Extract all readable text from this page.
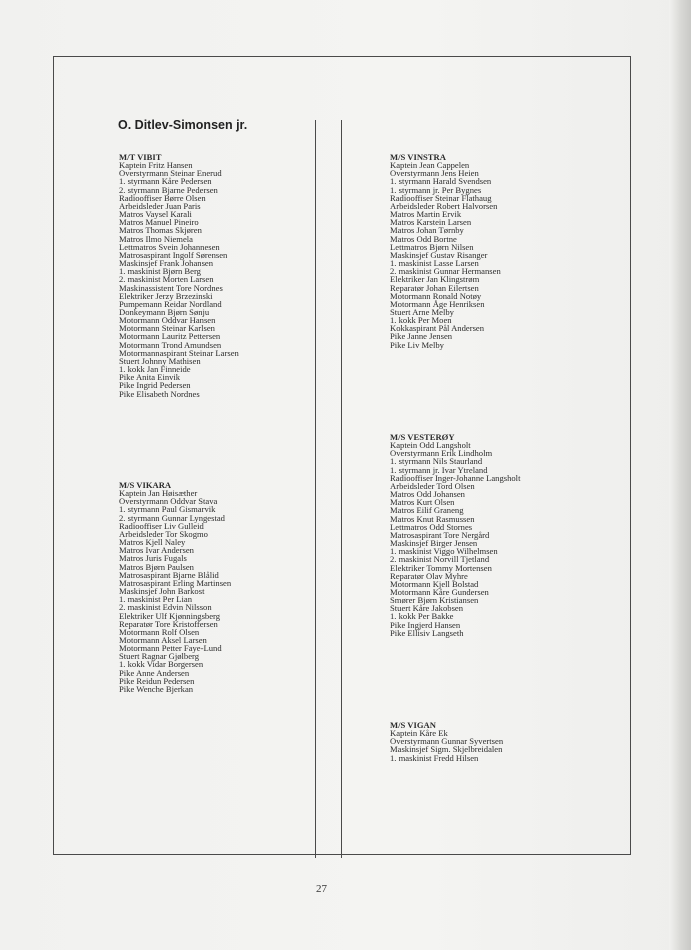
O. Ditlev-Simonsen jr.
M/T VIBIT
Kaptein Fritz Hansen
Overstyrmann Steinar Enerud
1. styrmann Kåre Pedersen
2. styrmann Bjarne Pedersen
Radiooffiser Børre Olsen
Arbeidsleder Juan Paris
Matros Vaysel Karali
Matros Manuel Pineiro
Matros Thomas Skjøren
Matros Ilmo Niemela
Lettmatros Svein Johannesen
Matrosaspirant Ingolf Sørensen
Maskinsjef Frank Johansen
1. maskinist Bjørn Berg
2. maskinist Morten Larsen
Maskinassistent Tore Nordnes
Elektriker Jerzy Brzezinski
Pumpemann Reidar Nordland
Donkeymann Bjørn Sønju
Motormann Oddvar Hansen
Motormann Steinar Karlsen
Motormann Lauritz Pettersen
Motormann Trond Amundsen
Motormannaspirant Steinar Larsen
Stuert Johnny Mathisen
1. kokk Jan Finneide
Pike Anita Einvik
Pike Ingrid Pedersen
Pike Elisabeth Nordnes
M/S VIKARA
Kaptein Jan Høisæther
Overstyrmann Oddvar Stava
1. styrmann Paul Gismarvik
2. styrmann Gunnar Lyngestad
Radiooffiser Liv Gulleid
Arbeidsleder Tor Skogmo
Matros Kjell Naley
Matros Ivar Andersen
Matros Juris Fugals
Matros Bjørn Paulsen
Matrosaspirant Bjarne Blålid
Matrosaspirant Erling Martinsen
Maskinsjef John Barkost
1. maskinist Per Lian
2. maskinist Edvin Nilsson
Elektriker Ulf Kjønningsberg
Reparatør Tore Kristoffersen
Motormann Rolf Olsen
Motormann Aksel Larsen
Motormann Petter Faye-Lund
Stuert Ragnar Gjølberg
1. kokk Vidar Borgersen
Pike Anne Andersen
Pike Reidun Pedersen
Pike Wenche Bjerkan
M/S VINSTRA
Kaptein Jean Cappelen
Overstyrmann Jens Heien
1. styrmann Harald Svendsen
1. styrmann jr. Per Bygnes
Radiooffiser Steinar Flathaug
Arbeidsleder Robert Halvorsen
Matros Martin Ervik
Matros Karstein Larsen
Matros Johan Tørnby
Matros Odd Bortne
Lettmatros Bjørn Nilsen
Maskinsjef Gustav Risanger
1. maskinist Lasse Larsen
2. maskinist Gunnar Hermansen
Elektriker Jan Klingstrøm
Reparatør Johan Eilertsen
Motormann Ronald Notøy
Motormann Åge Henriksen
Stuert Arne Melby
1. kokk Per Moen
Kokkaspirant Pål Andersen
Pike Janne Jensen
Pike Liv Melby
M/S VESTERØY
Kaptein Odd Langsholt
Overstyrmann Erik Lindholm
1. styrmann Nils Staurland
1. styrmann jr. Ivar Ytreland
Radiooffiser Inger-Johanne Langsholt
Arbeidsleder Tord Olsen
Matros Odd Johansen
Matros Kurt Olsen
Matros Eilif Graneng
Matros Knut Rasmussen
Lettmatros Odd Stornes
Matrosaspirant Tore Nergård
Maskinsjef Birger Jensen
1. maskinist Viggo Wilhelmsen
2. maskinist Norvill Tjetland
Elektriker Tommy Mortensen
Reparatør Olav Myhre
Motormann Kjell Bolstad
Motormann Kåre Gundersen
Smører Bjørn Kristiansen
Stuert Kåre Jakobsen
1. kokk Per Bakke
Pike Ingjerd Hansen
Pike Ellisiv Langseth
M/S VIGAN
Kaptein Kåre Ek
Overstyrmann Gunnar Syvertsen
Maskinsjef Sigm. Skjelbreidalen
1. maskinist Fredd Hilsen
27
